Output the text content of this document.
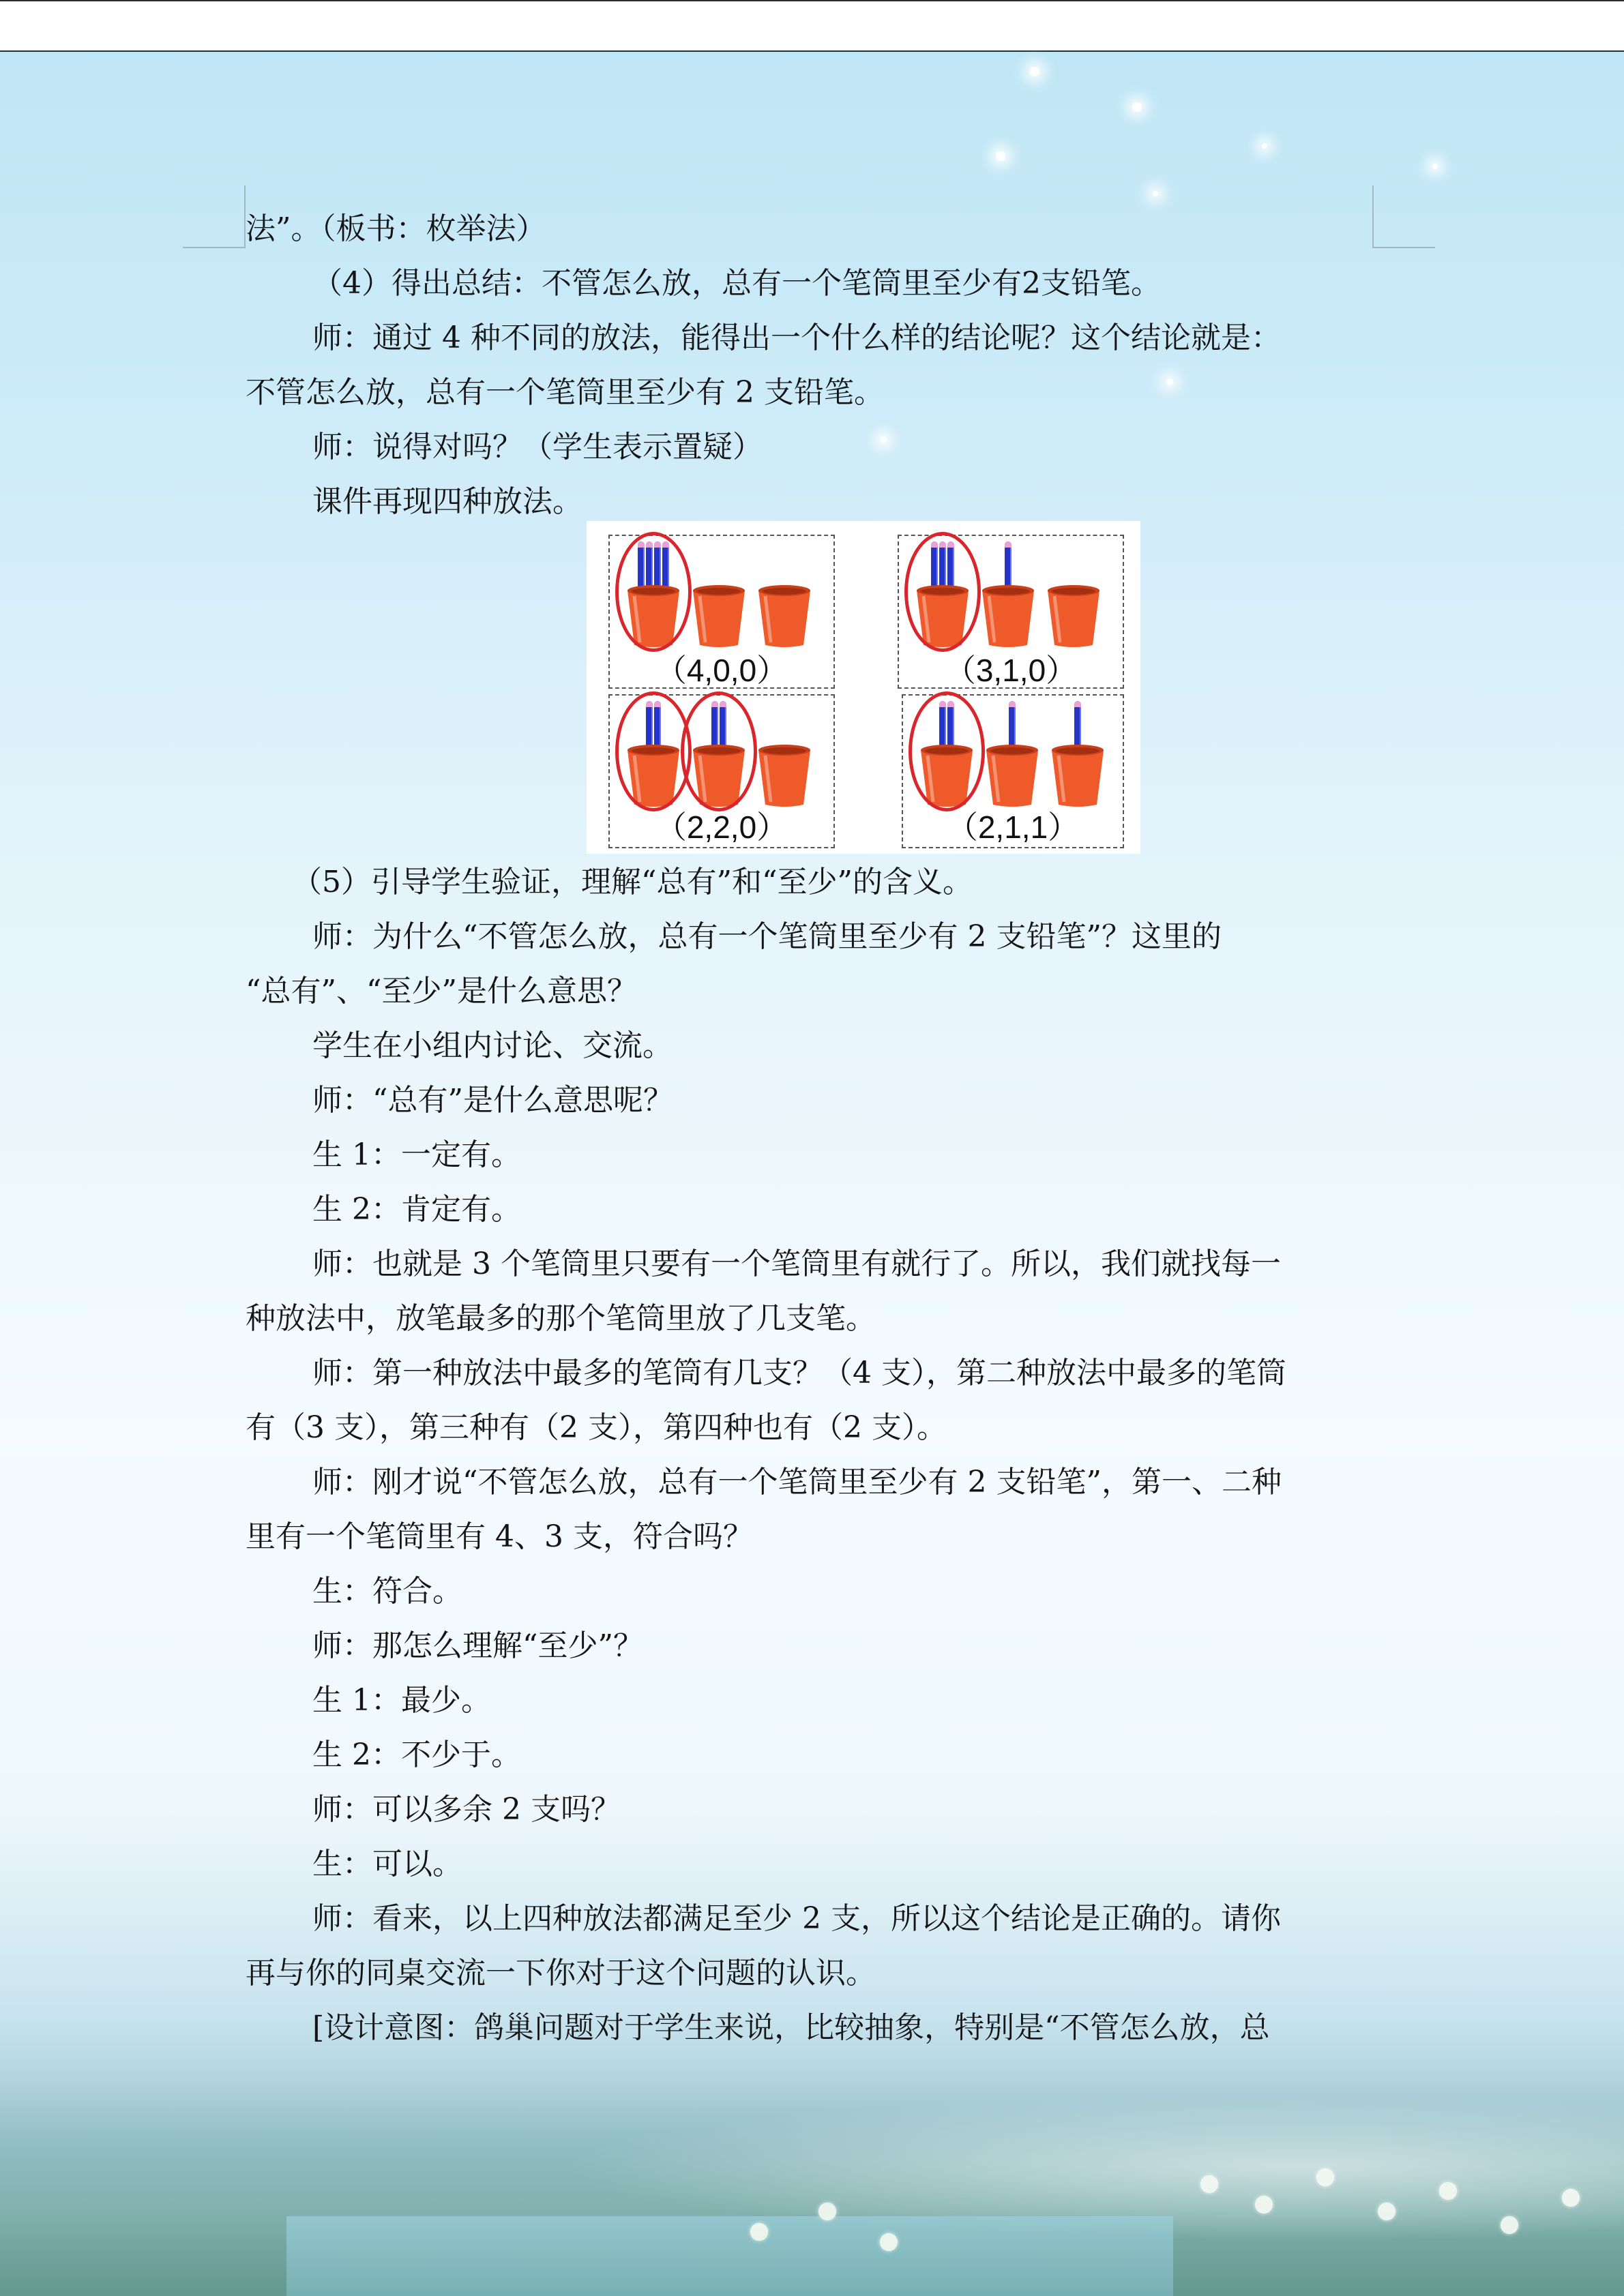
法”。（板书：枚举法）

（4）得出总结：不管怎么放，总有一个笔筒里至少有2支铅笔。

师：通过 4 种不同的放法，能得出一个什么样的结论呢？这个结论就是：

不管怎么放，总有一个笔筒里至少有 2 支铅笔。

师：说得对吗？（学生表示置疑）

课件再现四种放法。

（4,0,0）	（3,1,0）
（2,2,0）	（2,1,1）

（5）引导学生验证，理解“总有”和“至少”的含义。

师：为什么“不管怎么放，总有一个笔筒里至少有 2 支铅笔”？这里的

“总有”、“至少”是什么意思？

学生在小组内讨论、交流。

师：“总有”是什么意思呢？

生 1：一定有。

生 2：肯定有。

师：也就是 3 个笔筒里只要有一个笔筒里有就行了。所以，我们就找每一

种放法中，放笔最多的那个笔筒里放了几支笔。

师：第一种放法中最多的笔筒有几支？（4 支），第二种放法中最多的笔筒

有（3 支），第三种有（2 支），第四种也有（2 支）。

师：刚才说“不管怎么放，总有一个笔筒里至少有 2 支铅笔”，第一、二种

里有一个笔筒里有 4、3 支，符合吗？

生：符合。

师：那怎么理解“至少”？

生 1：最少。

生 2：不少于。

师：可以多余 2 支吗？

生：可以。

师：看来，以上四种放法都满足至少 2 支，所以这个结论是正确的。请你

再与你的同桌交流一下你对于这个问题的认识。

[设计意图：鸽巢问题对于学生来说，比较抽象，特别是“不管怎么放，总
